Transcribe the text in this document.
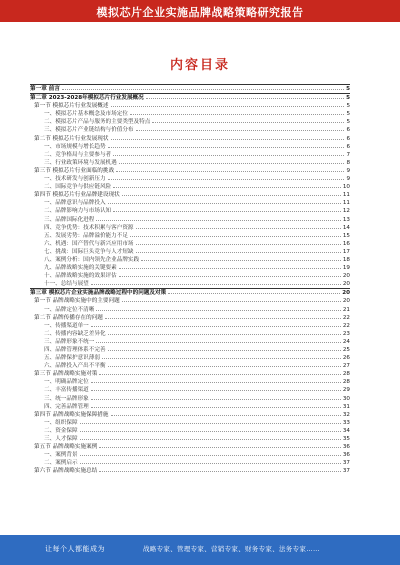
模拟芯片企业实施品牌战略策略研究报告
内容目录
第一章 前言	5
第二章 2023-2028年模拟芯片行业发展概况	5
第一节 模拟芯片行业发展概述	5
一、模拟芯片基本概念及市场定位	5
二、模拟芯片产品与服务的主要类型及特点	5
三、模拟芯片产业链结构与价值分布	6
第二节 模拟芯片行业发展现状	6
一、市场规模与增长趋势	6
二、竞争格局与主要参与者	7
三、行业政策环境与发展机遇	8
第三节 模拟芯片行业面临的挑战	9
一、技术研发与创新压力	9
二、国际竞争与供应链风险	10
第四节 模拟芯片行业品牌建设现状	11
一、品牌意识与品牌投入	11
二、品牌影响力与市场认知	12
三、品牌国际化进程	13
四、竞争优势：技术积累与客户资源	14
五、发展劣势：品牌溢价能力不足	15
六、机遇：国产替代与新兴应用市场	16
七、挑战：国际巨头竞争与人才短缺	17
八、案例分析：国内领先企业品牌实践	18
九、品牌战略实施的关键要素	19
十、品牌战略实施的效果评估	20
十一、总结与展望	20
第三章 模拟芯片企业实施品牌战略过程中的问题及对策	20
第一节 品牌战略实施中的主要问题	20
一、品牌定位不清晰	21
第二节 品牌传播存在的问题	22
一、传播渠道单一	22
二、传播内容缺乏差异化	23
三、品牌形象不统一	24
四、品牌管理体系不完善	25
五、品牌保护意识薄弱	26
六、品牌投入产出不平衡	27
第三节 品牌战略实施对策	28
一、明确品牌定位	28
二、丰富传播渠道	29
三、统一品牌形象	30
四、完善品牌管理	31
第四节 品牌战略实施保障措施	32
一、组织保障	33
二、资金保障	34
三、人才保障	35
第五节 品牌战略实施案例	36
一、案例背景	36
二、案例启示	37
第六节 品牌战略实施总结	37
让每个人都能成为	战略专家、管理专家、营销专家、财务专家、法务专家……
